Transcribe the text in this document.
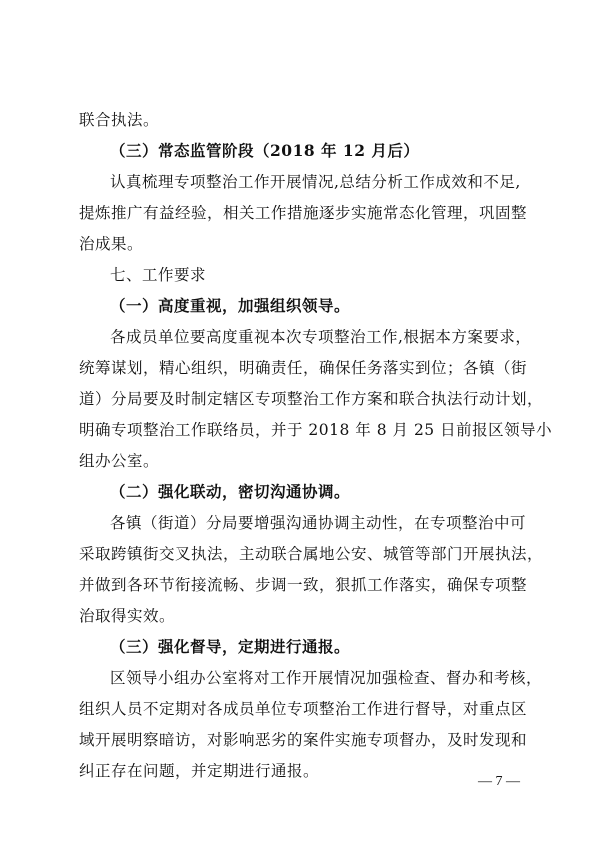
联合执法。
（三）常态监管阶段（2018 年 12 月后）
认真梳理专项整治工作开展情况,总结分析工作成效和不足,
提炼推广有益经验，相关工作措施逐步实施常态化管理，巩固整
治成果。
七、工作要求
（一）高度重视，加强组织领导。
各成员单位要高度重视本次专项整治工作,根据本方案要求，
统筹谋划，精心组织，明确责任，确保任务落实到位；各镇（街
道）分局要及时制定辖区专项整治工作方案和联合执法行动计划，
明确专项整治工作联络员，并于 2018 年 8 月 25 日前报区领导小
组办公室。
（二）强化联动，密切沟通协调。
各镇（街道）分局要增强沟通协调主动性，在专项整治中可
采取跨镇街交叉执法，主动联合属地公安、城管等部门开展执法，
并做到各环节衔接流畅、步调一致，狠抓工作落实，确保专项整
治取得实效。
（三）强化督导，定期进行通报。
区领导小组办公室将对工作开展情况加强检查、督办和考核，
组织人员不定期对各成员单位专项整治工作进行督导，对重点区
域开展明察暗访，对影响恶劣的案件实施专项督办，及时发现和
纠正存在问题，并定期进行通报。
— 7 —
